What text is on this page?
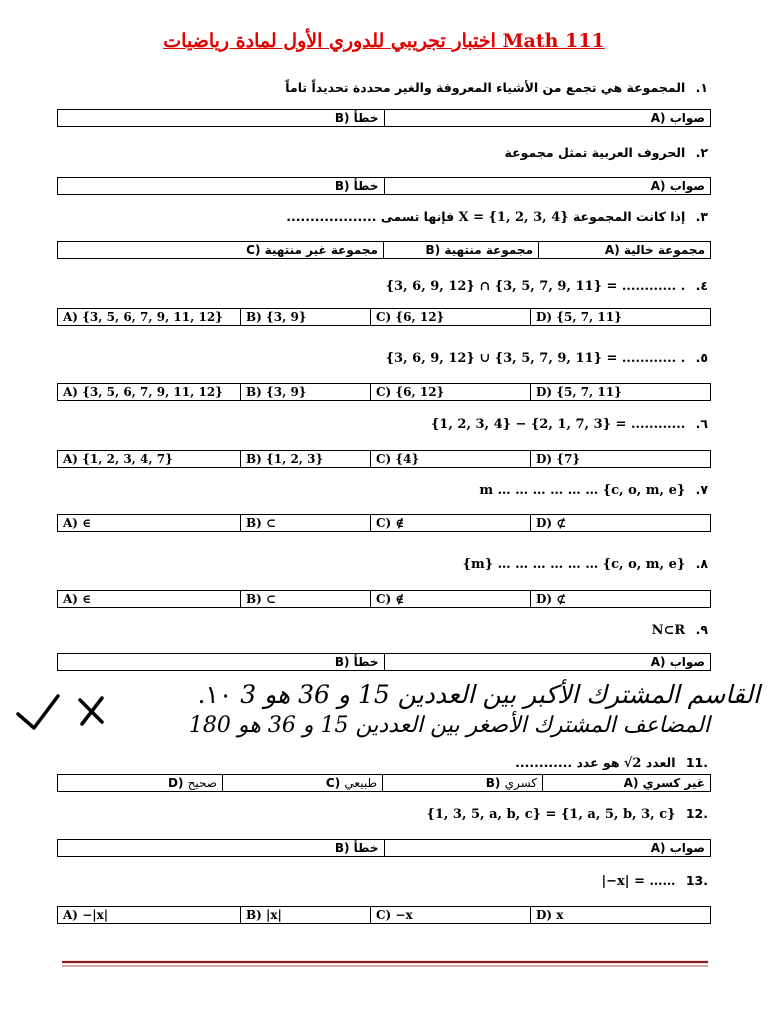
اختبار تجريبي للدوري الأول لمادة رياضيات Math 111
١. المجموعة هي تجمع من الأشياء المعروفة والغير محددة تحديداً تاماً
خطأ (B	صواب (A
٢. الحروف العربية تمثل مجموعة
خطأ (B	صواب (A
٣. إذا كانت المجموعة X = {1, 2, 3, 4} فإنها تسمى ...................
مجموعة غير منتهية (C	مجموعة منتهية (B	مجموعة خالية (A
٤. {3, 6, 9, 12} ∩ {3, 5, 7, 9, 11} = ............ .
A) {3, 5, 6, 7, 9, 11, 12}	B) {3, 9}	C) {6, 12}	D) {5, 7, 11}
٥. {3, 6, 9, 12} ∪ {3, 5, 7, 9, 11} = ............ .
A) {3, 5, 6, 7, 9, 11, 12}	B) {3, 9}	C) {6, 12}	D) {5, 7, 11}
٦. {1, 2, 3, 4} − {2, 1, 7, 3} = ............
A) {1, 2, 3, 4, 7}	B) {1, 2, 3}	C) {4}	D) {7}
٧. m … … … … … … {c, o, m, e}
A) ∈	B) ⊂	C) ∉	D) ⊄
٨. {m} … … … … … … {c, o, m, e}
A) ∈	B) ⊂	C) ∉	D) ⊄
٩. N⊂R
خطأ (B	صواب (A
القاسم المشترك الأكبر بين العددين 15 و 36 هو 3 ١٠.
المضاعف المشترك الأصغر بين العددين 15 و 36 هو 180
.11 العدد √2 هو عدد ............
صحيح (D	طبيعي (C	كسري (B	غير كسري (A
.12 {1, 3, 5, a, b, c} = {1, a, 5, b, 3, c}
خطأ (B	صواب (A
.13 |−x| = ……
A) −|x|	B) |x|	C) −x	D) x
